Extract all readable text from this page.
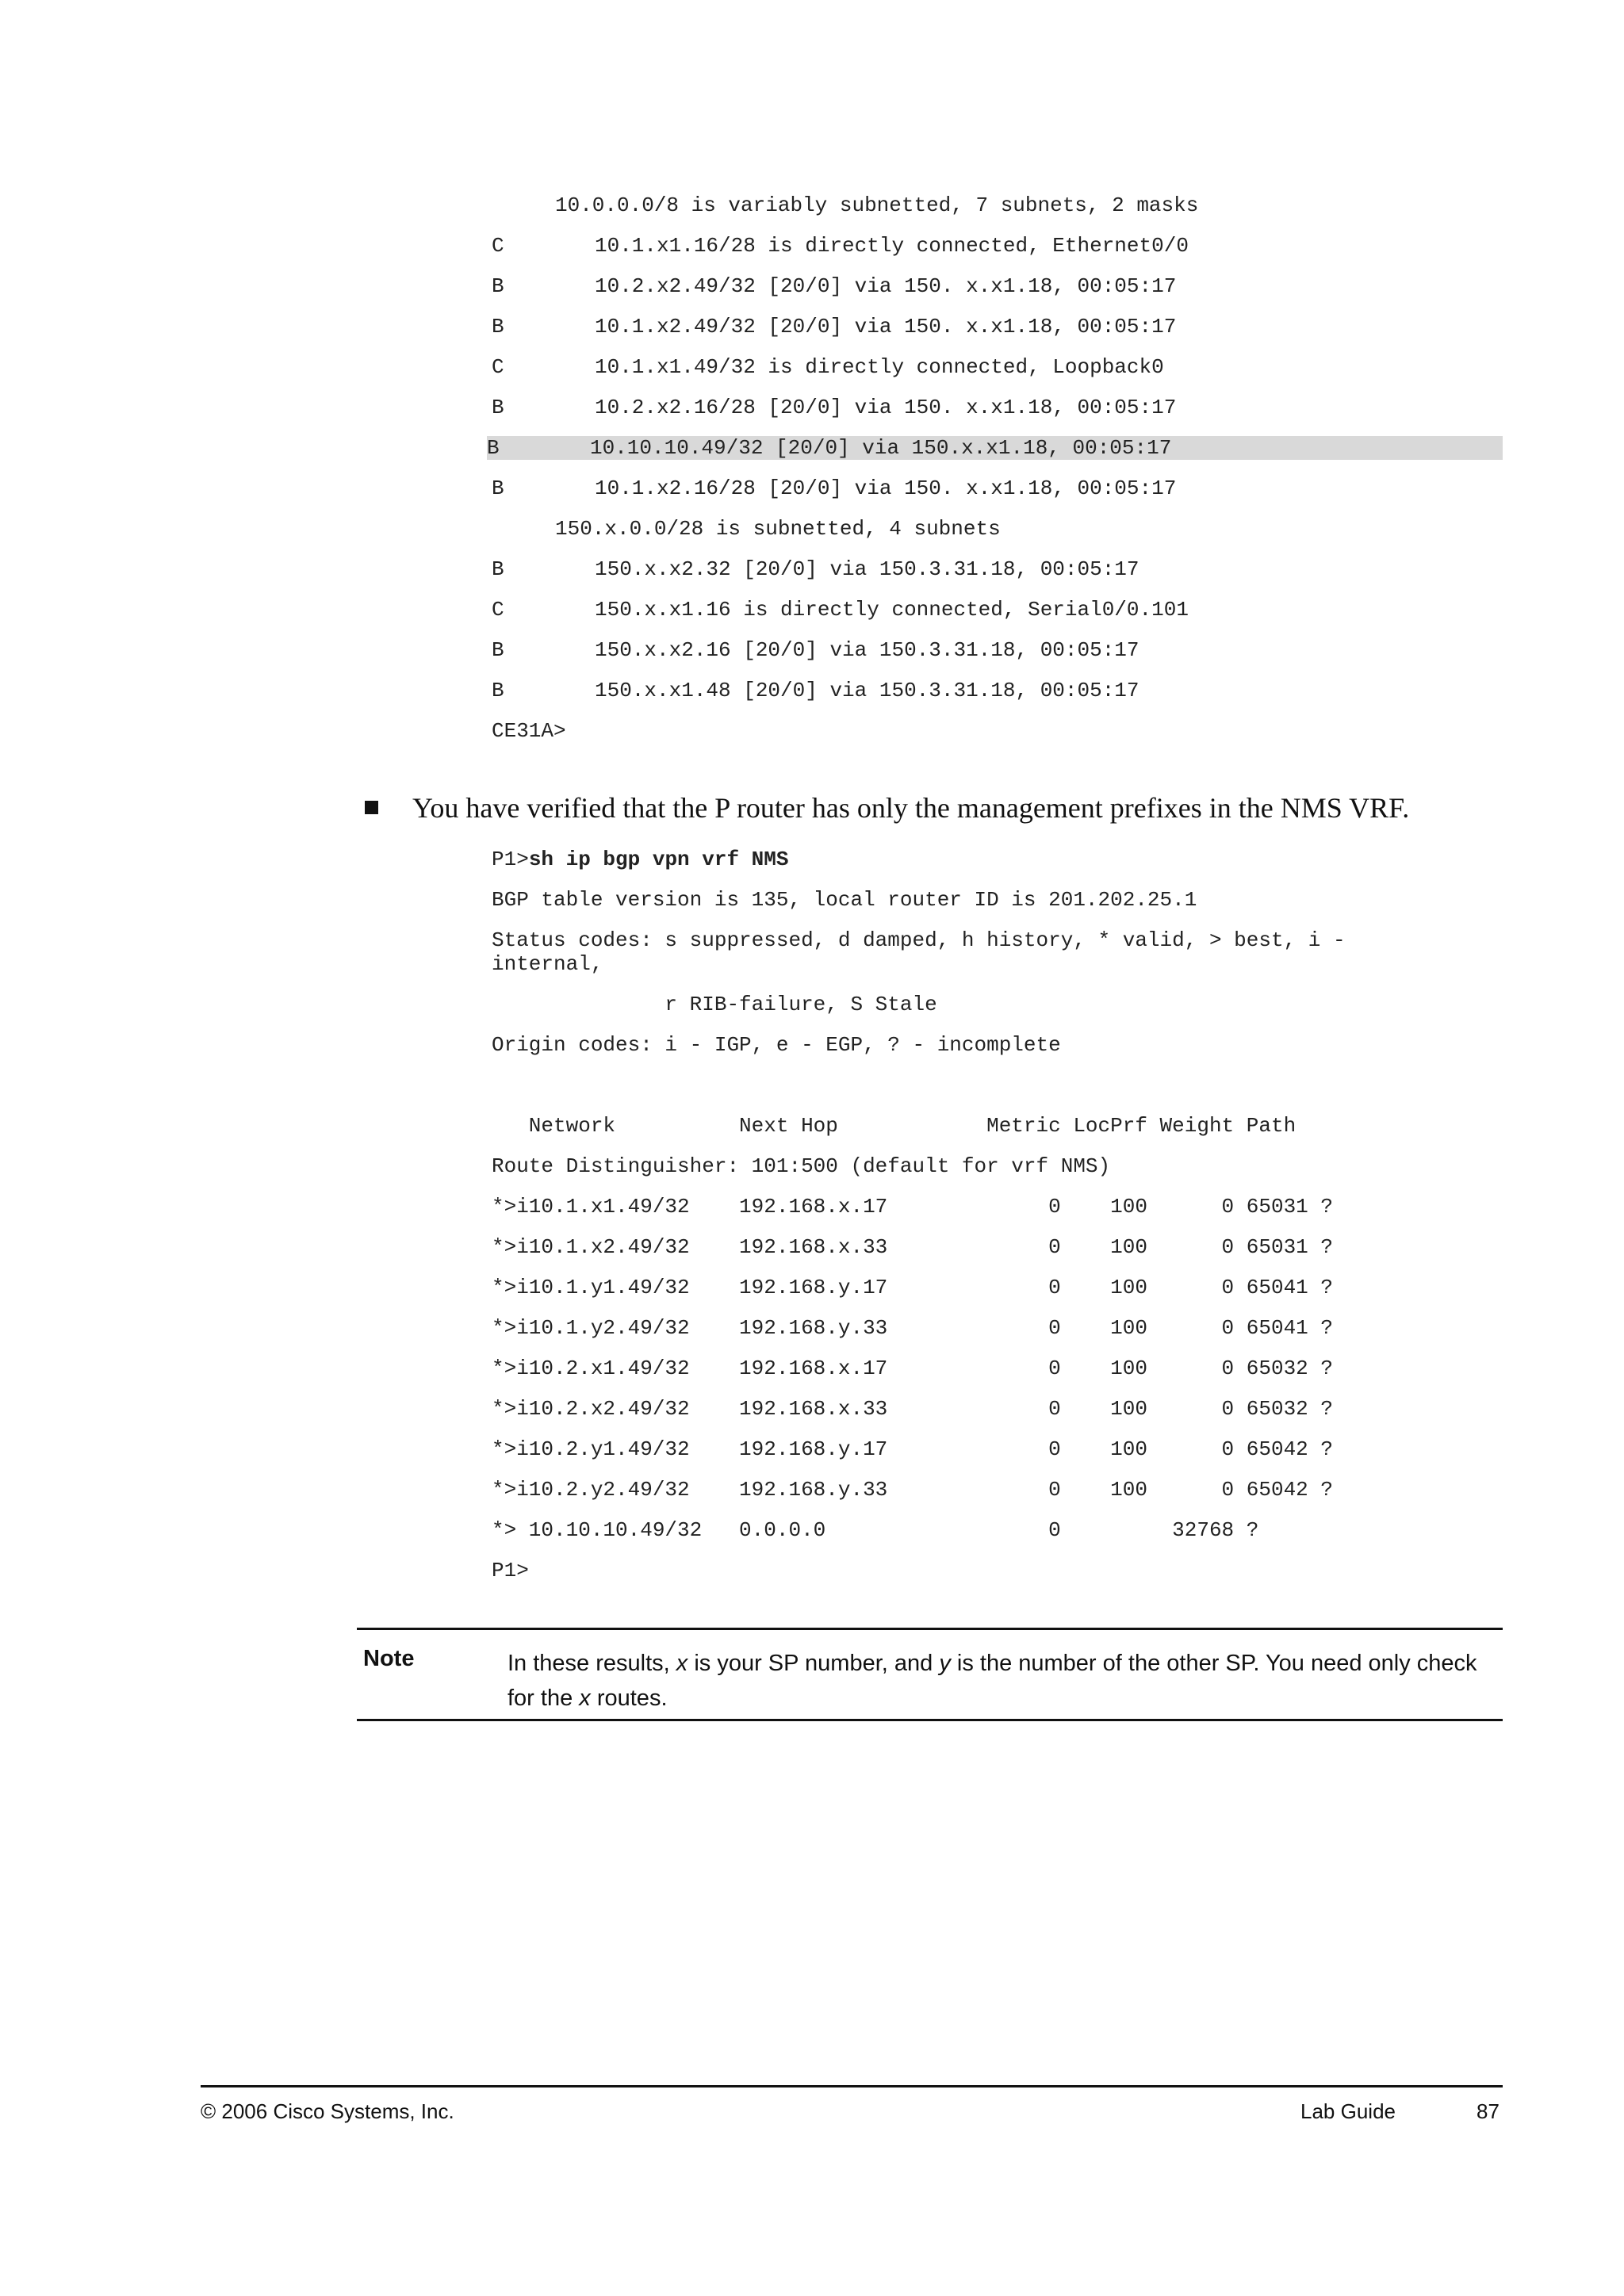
10.0.0.0/8 is variably subnetted, 7 subnets, 2 masks
C	10.1.x1.16/28 is directly connected, Ethernet0/0
B	10.2.x2.49/32 [20/0] via 150. x.x1.18, 00:05:17
B	10.1.x2.49/32 [20/0] via 150. x.x1.18, 00:05:17
C	10.1.x1.49/32 is directly connected, Loopback0
B	10.2.x2.16/28 [20/0] via 150. x.x1.18, 00:05:17
B	10.10.10.49/32 [20/0] via 150.x.x1.18, 00:05:17
B	10.1.x2.16/28 [20/0] via 150. x.x1.18, 00:05:17
150.x.0.0/28 is subnetted, 4 subnets
B	150.x.x2.32 [20/0] via 150.3.31.18, 00:05:17
C	150.x.x1.16 is directly connected, Serial0/0.101
B	150.x.x2.16 [20/0] via 150.3.31.18, 00:05:17
B	150.x.x1.48 [20/0] via 150.3.31.18, 00:05:17
CE31A>
You have verified that the P router has only the management prefixes in the NMS VRF.
P1>sh ip bgp vpn vrf NMS
BGP table version is 135, local router ID is 201.202.25.1
Status codes: s suppressed, d damped, h history, * valid, > best, i -
internal,
r RIB-failure, S Stale
Origin codes: i - IGP, e - EGP, ? - incomplete
Network          Next Hop            Metric LocPrf Weight Path
Route Distinguisher: 101:500 (default for vrf NMS)
*>i10.1.x1.49/32    192.168.x.17             0    100      0 65031 ?
*>i10.1.x2.49/32    192.168.x.33             0    100      0 65031 ?
*>i10.1.y1.49/32    192.168.y.17             0    100      0 65041 ?
*>i10.1.y2.49/32    192.168.y.33             0    100      0 65041 ?
*>i10.2.x1.49/32    192.168.x.17             0    100      0 65032 ?
*>i10.2.x2.49/32    192.168.x.33             0    100      0 65032 ?
*>i10.2.y1.49/32    192.168.y.17             0    100      0 65042 ?
*>i10.2.y2.49/32    192.168.y.33             0    100      0 65042 ?
*> 10.10.10.49/32   0.0.0.0                  0         32768 ?
P1>
Note	In these results, x is your SP number, and y is the number of the other SP. You need only check for the x routes.
© 2006 Cisco Systems, Inc.	Lab Guide	87
